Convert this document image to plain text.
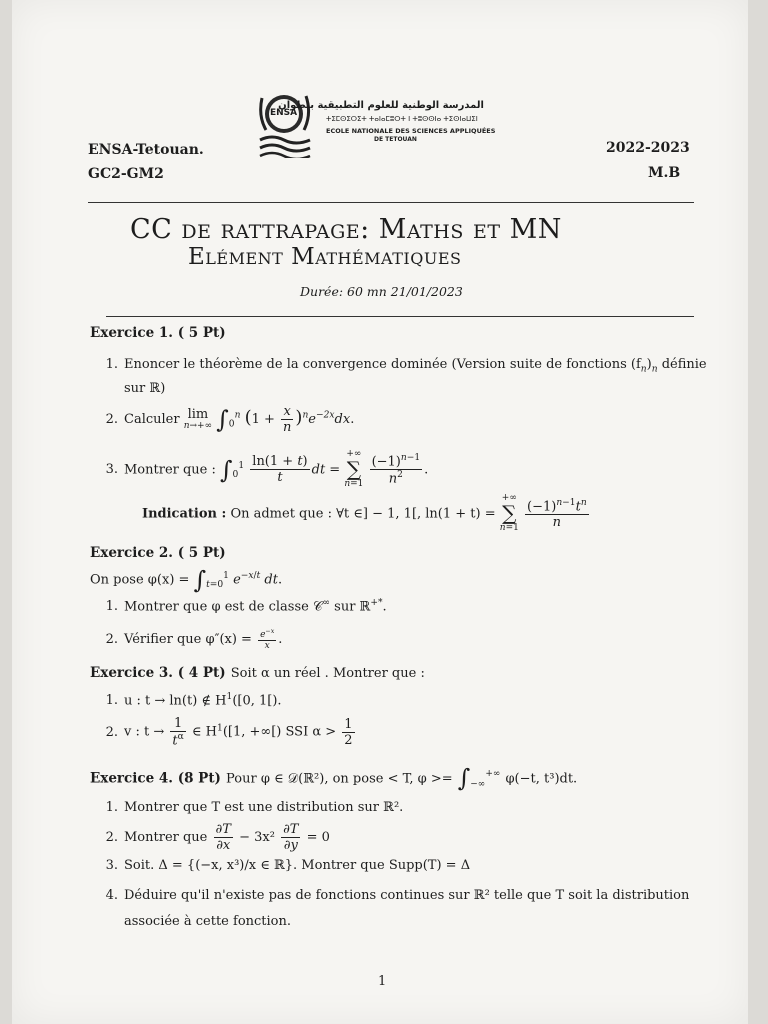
ENSA
المدرسة الوطنية للعلوم التطبيقية بتطوان
ⵜⵉⵎⵙⵉⵔⵉⵜ ⵜⴰⵏⴰⵎⵓⵔⵜ ⵏ ⵜⵓⵙⵙⵏⴰ ⵜⵉⵙⵏⴰⵡⵉⵏ
ECOLE NATIONALE DES SCIENCES APPLIQUÉES
DE TETOUAN
ENSA-Tetouan.
GC2-GM2
2022-2023
M.B
CC de rattrapage: Maths et MN
Elément Mathématiques
Durée: 60 mn 21/01/2023
Exercice 1. ( 5 Pt)
1. Enoncer le théorème de la convergence dominée (Version suite de fonctions $(f_n)_n$ définie
sur ℝ)
2. Calculer lim
n→+∞ $\int_0^n$ $(1 + \frac{x}{n} )^ne^{-2x}dx$.
3. Montrer que : $\int_0^1 \frac{\ln(1 + t)}{t}$ dt =
+∞
∑
n=1
$\frac{(-1)^{n-1}}{n^2}$ .
Indication : On admet que : ∀t ∈] − 1, 1[, ln(1 + t) =
+∞
∑
n=1
$\frac{(-1)^{n-1}t^n}{n}$
Exercice 2. ( 5 Pt)
On pose $\varphi(x) = \int_{t=0}^1$ $e^{-x/t}$ dt.
1. Montrer que φ est de classe 𝒞∞ sur ℝ+*.
2. Vérifier que $\varphi''(x) = \frac{e^{-x}}{x}$ .
Exercice 3. ( 4 Pt) Soit α un réel . Montrer que :
1. u : t → ln(t) ∉ $H^1([0$, 1[).
2. v : $t \to \frac{1}{t^\alpha}$ ∈ $H^1([1$, +∞[) SSI $\alpha > \frac{1}{2}$
Exercice 4. (8 Pt) Pour φ ∈ 𝒟(ℝ²), on pose < T, $\varphi >= \int_{-\infty}^{+\infty}$ φ(−t, t³)dt.
1. Montrer que T est une distribution sur ℝ².
2. Montrer que $\frac{\partial T}{\partial x} - 3x^2 \frac{\partial T}{\partial y} = 0$
3. Soit. Δ = {(−x, x³)/x ∈ ℝ}. Montrer que Supp(T) = Δ
4. Déduire qu'il n'existe pas de fonctions continues sur ℝ² telle que T soit la distribution
associée à cette fonction.
1
